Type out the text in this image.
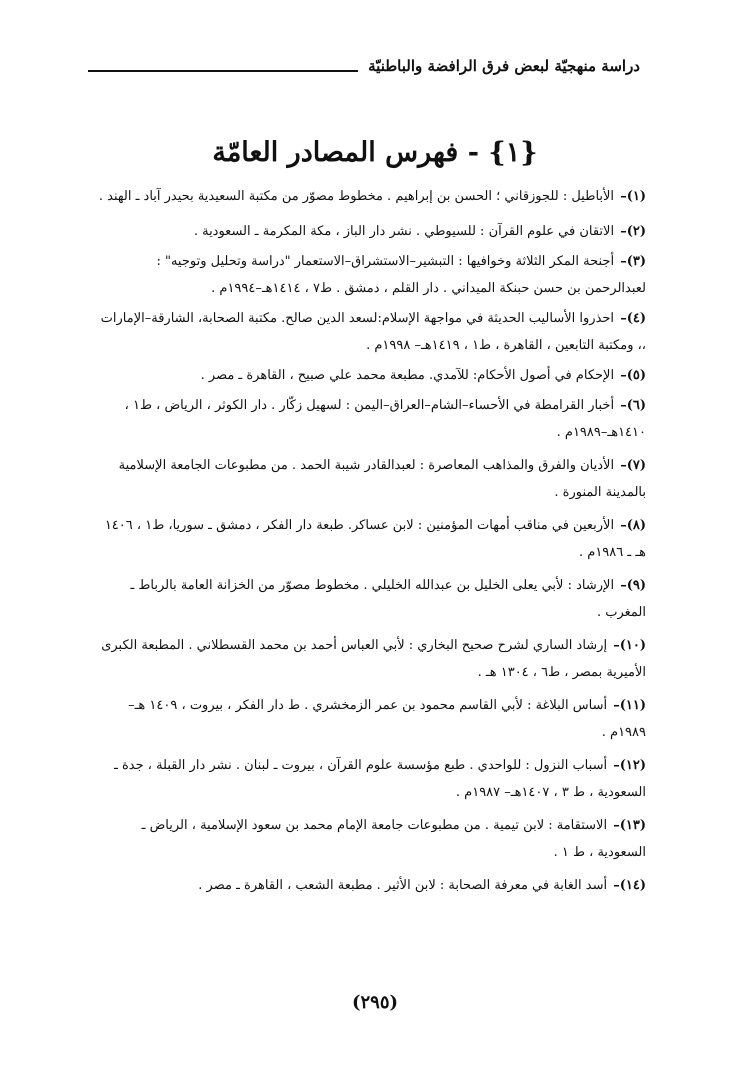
دراسة منهجيّة لبعض فرق الرافضة والباطنيّة
{١} - فهرس المصادر العامّة
(١)– الأباطيل : للجوزقاني ؛ الحسن بن إبراهيم . مخطوط مصوّر من مكتبة السعيدية بحيدر آباد ـ الهند .
(٢)– الاتقان في علوم القرآن : للسيوطي . نشر دار الباز ، مكة المكرمة ـ السعودية .
(٣)– أجنحة المكر الثلاثة وخوافيها : التبشير–الاستشراق–الاستعمار "دراسة وتحليل وتوجيه" : لعبدالرحمن بن حسن حبنكة الميداني . دار القلم ، دمشق . ط٧ ، ١٤١٤هـ–١٩٩٤م .
(٤)– احذروا الأساليب الحديثة في مواجهة الإسلام:لسعد الدين صالح. مكتبة الصحابة، الشارقة–الإمارات ،، ومكتبة التابعين ، القاهرة ، ط١ ، ١٤١٩هـ– ١٩٩٨م .
(٥)– الإحكام في أصول الأحكام: للآمدي. مطبعة محمد علي صبيح ، القاهرة ـ مصر .
(٦)– أخبار القرامطة في الأحساء–الشام–العراق–اليمن : لسهيل زكّار . دار الكوثر ، الرياض ، ط١ ، ١٤١٠هـ–١٩٨٩م .
(٧)– الأديان والفرق والمذاهب المعاصرة : لعبدالقادر شيبة الحمد . من مطبوعات الجامعة الإسلامية بالمدينة المنورة .
(٨)– الأربعين في مناقب أمهات المؤمنين : لابن عساكر. طبعة دار الفكر ، دمشق ـ سوريا، ط١ ، ١٤٠٦ هـ ـ ١٩٨٦م .
(٩)– الإرشاد : لأبي يعلى الخليل بن عبدالله الخليلي . مخطوط مصوّر من الخزانة العامة بالرباط ـ المغرب .
(١٠)– إرشاد الساري لشرح صحيح البخاري : لأبي العباس أحمد بن محمد القسطلاني . المطبعة الكبرى الأميرية بمصر ، ط٦ ، ١٣٠٤ هـ .
(١١)– أساس البلاغة : لأبي القاسم محمود بن عمر الزمخشري . ط دار الفكر ، بيروت ، ١٤٠٩ هـ–١٩٨٩م .
(١٢)– أسباب النزول : للواحدي . طبع مؤسسة علوم القرآن ، بيروت ـ لبنان . نشر دار القبلة ، جدة ـ السعودية ، ط ٣ ، ١٤٠٧هـ– ١٩٨٧م .
(١٣)– الاستقامة : لابن تيمية . من مطبوعات جامعة الإمام محمد بن سعود الإسلامية ، الرياض ـ السعودية ، ط ١ .
(١٤)– أسد الغابة في معرفة الصحابة : لابن الأثير . مطبعة الشعب ، القاهرة ـ مصر .
(٢٩٥)
